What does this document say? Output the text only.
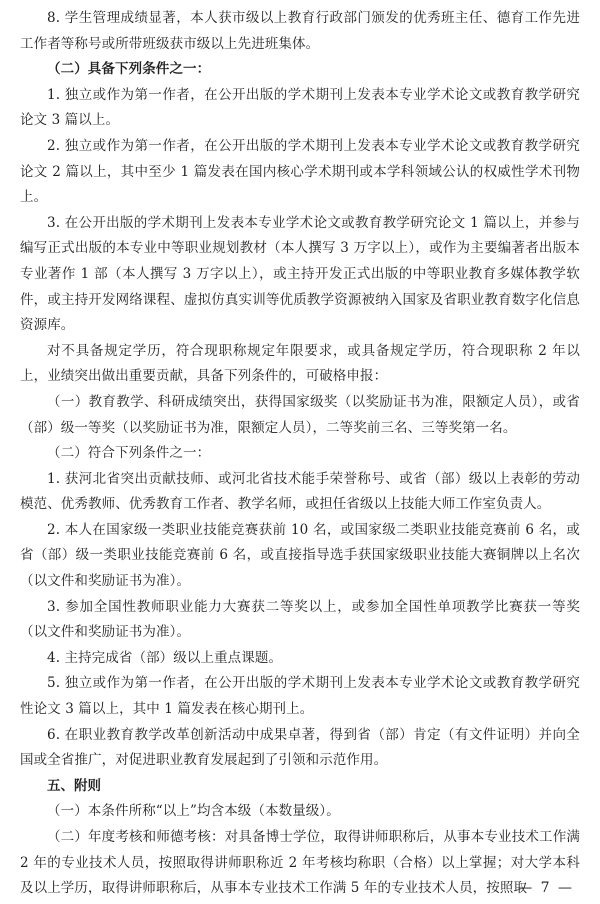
8. 学生管理成绩显著，本人获市级以上教育行政部门颁发的优秀班主任、德育工作先进工作者等称号或所带班级获市级以上先进班集体。

（二）具备下列条件之一：

1. 独立或作为第一作者，在公开出版的学术期刊上发表本专业学术论文或教育教学研究论文 3 篇以上。

2. 独立或作为第一作者，在公开出版的学术期刊上发表本专业学术论文或教育教学研究论文 2 篇以上，其中至少 1 篇发表在国内核心学术期刊或本学科领域公认的权威性学术刊物上。

3. 在公开出版的学术期刊上发表本专业学术论文或教育教学研究论文 1 篇以上，并参与编写正式出版的本专业中等职业规划教材（本人撰写 3 万字以上），或作为主要编著者出版本专业著作 1 部（本人撰写 3 万字以上），或主持开发正式出版的中等职业教育多媒体教学软件，或主持开发网络课程、虚拟仿真实训等优质教学资源被纳入国家及省职业教育数字化信息资源库。

对不具备规定学历，符合现职称规定年限要求，或具备规定学历，符合现职称 2 年以上，业绩突出做出重要贡献，具备下列条件的，可破格申报：

（一）教育教学、科研成绩突出，获得国家级奖（以奖励证书为准，限额定人员），或省（部）级一等奖（以奖励证书为准，限额定人员），二等奖前三名、三等奖第一名。

（二）符合下列条件之一：

1. 获河北省突出贡献技师、或河北省技术能手荣誉称号、或省（部）级以上表彰的劳动模范、优秀教师、优秀教育工作者、教学名师，或担任省级以上技能大师工作室负责人。

2. 本人在国家级一类职业技能竞赛获前 10 名，或国家级二类职业技能竞赛前 6 名，或省（部）级一类职业技能竞赛前 6 名，或直接指导选手获国家级职业技能大赛铜牌以上名次（以文件和奖励证书为准）。

3. 参加全国性教师职业能力大赛获二等奖以上，或参加全国性单项教学比赛获一等奖（以文件和奖励证书为准）。

4. 主持完成省（部）级以上重点课题。

5. 独立或作为第一作者，在公开出版的学术期刊上发表本专业学术论文或教育教学研究性论文 3 篇以上，其中 1 篇发表在核心期刊上。

6. 在职业教育教学改革创新活动中成果卓著，得到省（部）肯定（有文件证明）并向全国或全省推广，对促进职业教育发展起到了引领和示范作用。

五、附则

（一）本条件所称“以上”均含本级（本数量级）。

（二）年度考核和师德考核：对具备博士学位，取得讲师职称后，从事本专业技术工作满 2 年的专业技术人员，按照取得讲师职称近 2 年考核均称职（合格）以上掌握；对大学本科及以上学历，取得讲师职称后，从事本专业技术工作满 5 年的专业技术人员，按照取

— 7 —
